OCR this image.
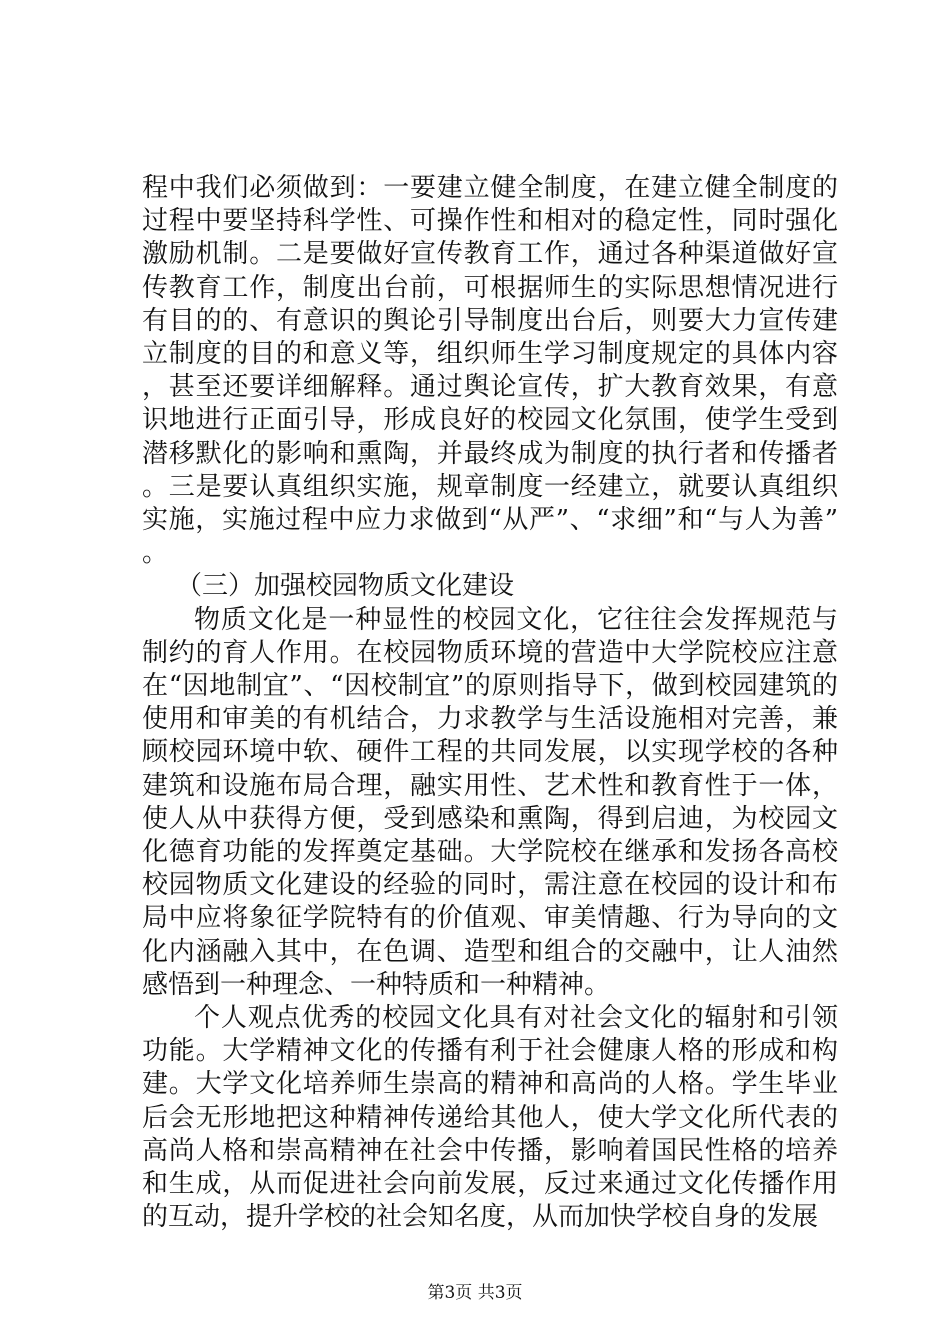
程中我们必须做到：一要建立健全制度，在建立健全制度的过程中要坚持科学性、可操作性和相对的稳定性，同时强化激励机制。二是要做好宣传教育工作，通过各种渠道做好宣传教育工作，制度出台前，可根据师生的实际思想情况进行有目的的、有意识的舆论引导制度出台后，则要大力宣传建立制度的目的和意义等，组织师生学习制度规定的具体内容，甚至还要详细解释。通过舆论宣传，扩大教育效果，有意识地进行正面引导，形成良好的校园文化氛围，使学生受到潜移默化的影响和熏陶，并最终成为制度的执行者和传播者。三是要认真组织实施，规章制度一经建立，就要认真组织实施，实施过程中应力求做到“从严”、“求细”和“与人为善”。

（三）加强校园物质文化建设

物质文化是一种显性的校园文化，它往往会发挥规范与制约的育人作用。在校园物质环境的营造中大学院校应注意在“因地制宜”、“因校制宜”的原则指导下，做到校园建筑的使用和审美的有机结合，力求教学与生活设施相对完善，兼顾校园环境中软、硬件工程的共同发展，以实现学校的各种建筑和设施布局合理，融实用性、艺术性和教育性于一体，使人从中获得方便，受到感染和熏陶，得到启迪，为校园文化德育功能的发挥奠定基础。大学院校在继承和发扬各高校校园物质文化建设的经验的同时，需注意在校园的设计和布局中应将象征学院特有的价值观、审美情趣、行为导向的文化内涵融入其中，在色调、造型和组合的交融中，让人油然感悟到一种理念、一种特质和一种精神。

个人观点优秀的校园文化具有对社会文化的辐射和引领功能。大学精神文化的传播有利于社会健康人格的形成和构建。大学文化培养师生崇高的精神和高尚的人格。学生毕业后会无形地把这种精神传递给其他人，使大学文化所代表的高尚人格和崇高精神在社会中传播，影响着国民性格的培养和生成，从而促进社会向前发展，反过来通过文化传播作用的互动，提升学校的社会知名度，从而加快学校自身的发展

第3页 共3页
